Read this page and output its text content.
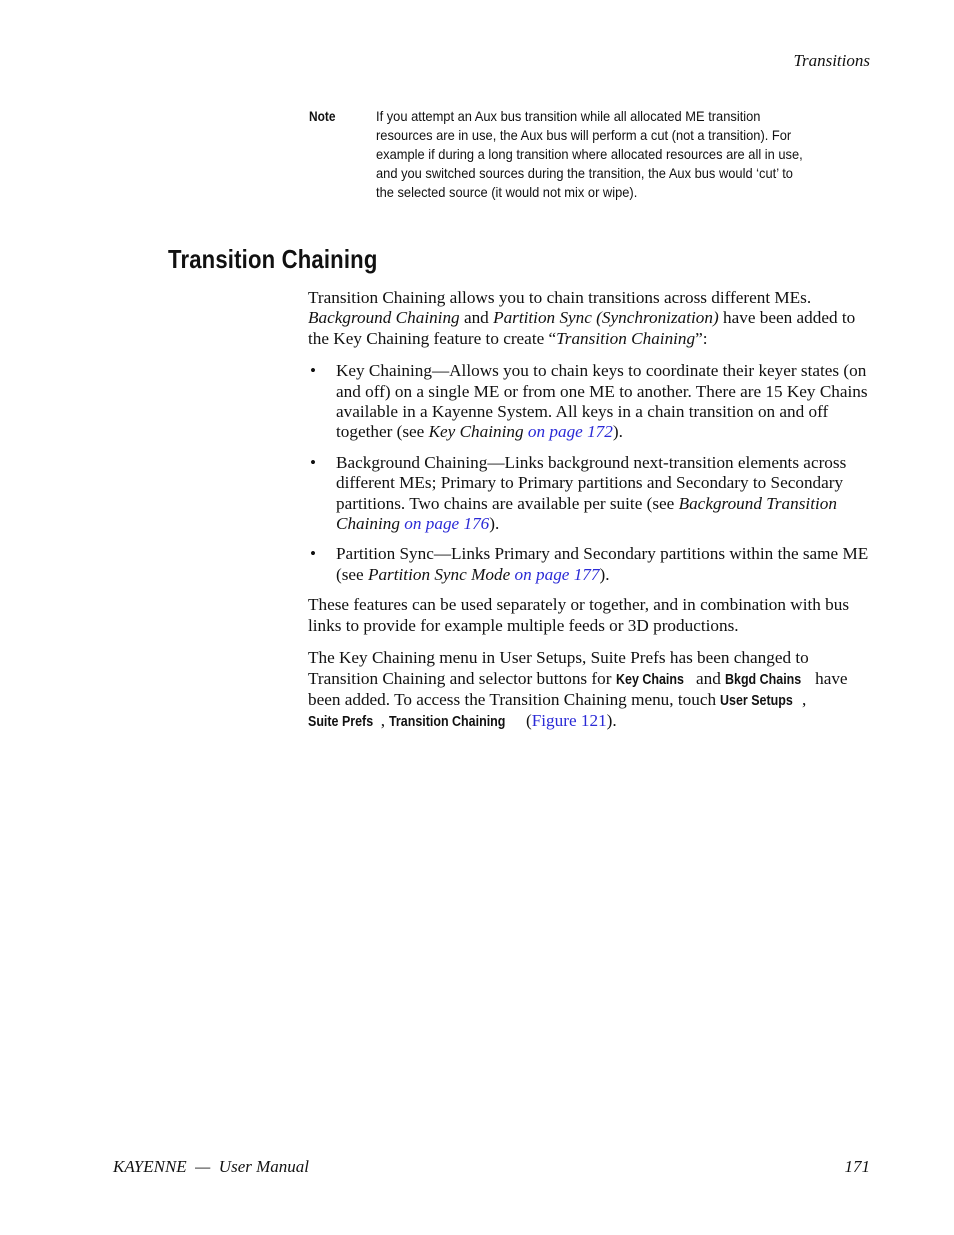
Transitions
Note	If you attempt an Aux bus transition while all allocated ME transition resources are in use, the Aux bus will perform a cut (not a transition). For example if during a long transition where allocated resources are all in use, and you switched sources during the transition, the Aux bus would ‘cut’ to the selected source (it would not mix or wipe).
Transition Chaining

Transition Chaining allows you to chain transitions across different MEs. Background Chaining and Partition Sync (Synchronization) have been added to the Key Chaining feature to create “Transition Chaining”:

• Key Chaining—Allows you to chain keys to coordinate their keyer states (on and off) on a single ME or from one ME to another. There are 15 Key Chains available in a Kayenne System. All keys in a chain transition on and off together (see Key Chaining on page 172).
• Background Chaining—Links background next-transition elements across different MEs; Primary to Primary partitions and Secondary to Secondary partitions. Two chains are available per suite (see Background Transition Chaining on page 176).
• Partition Sync—Links Primary and Secondary partitions within the same ME (see Partition Sync Mode on page 177).

These features can be used separately or together, and in combination with bus links to provide for example multiple feeds or 3D productions.

The Key Chaining menu in User Setups, Suite Prefs has been changed to Transition Chaining and selector buttons for Key Chains and Bkgd Chains have been added. To access the Transition Chaining menu, touch User Setups , Suite Prefs , Transition Chaining (Figure 121).

KAYENNE  —  User Manual	171
